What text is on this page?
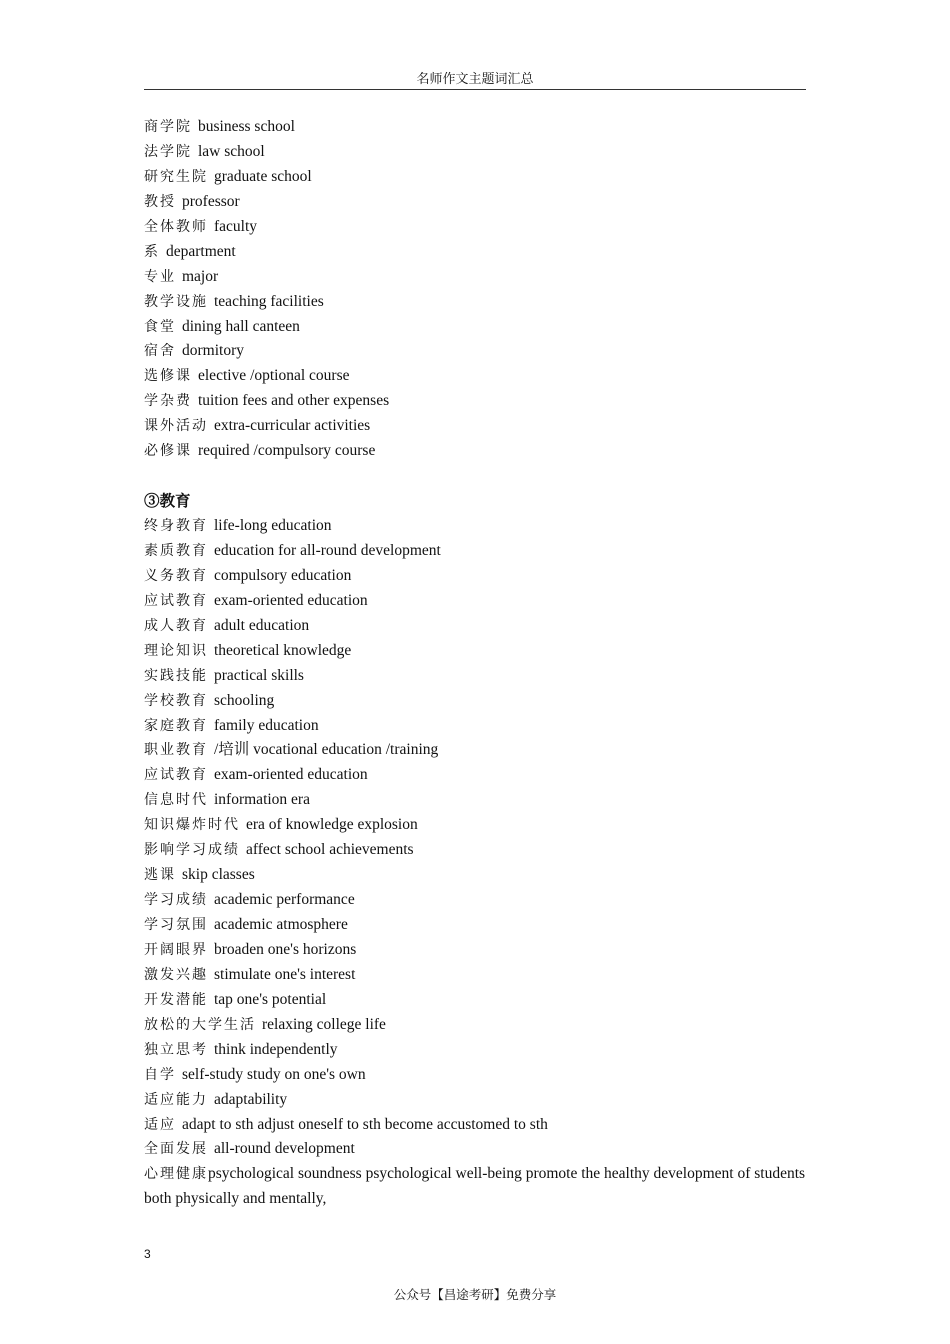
名师作文主题词汇总
商学院 business school
法学院 law school
研究生院 graduate school
教授 professor
全体教师 faculty
系 department
专业 major
教学设施 teaching facilities
食堂 dining hall canteen
宿舍 dormitory
选修课 elective /optional course
学杂费 tuition fees and other expenses
课外活动 extra-curricular activities
必修课 required /compulsory course
③教育
终身教育 life-long education
素质教育 education for all-round development
义务教育 compulsory education
应试教育 exam-oriented education
成人教育 adult education
理论知识 theoretical knowledge
实践技能 practical skills
学校教育 schooling
家庭教育 family education
职业教育 /培训 vocational education /training
应试教育 exam-oriented education
信息时代 information era
知识爆炸时代 era of knowledge explosion
影响学习成绩 affect school achievements
逃课 skip classes
学习成绩 academic performance
学习氛围 academic atmosphere
开阔眼界 broaden one's horizons
激发兴趣 stimulate one's interest
开发潜能 tap one's potential
放松的大学生活 relaxing college life
独立思考 think independently
自学 self-study study on one's own
适应能力 adaptability
适应 adapt to sth adjust oneself to sth become accustomed to sth
全面发展 all-round development
心理健康psychological soundness psychological well-being promote the healthy development of students both physically and mentally,
3
公众号【昌途考研】免费分享
